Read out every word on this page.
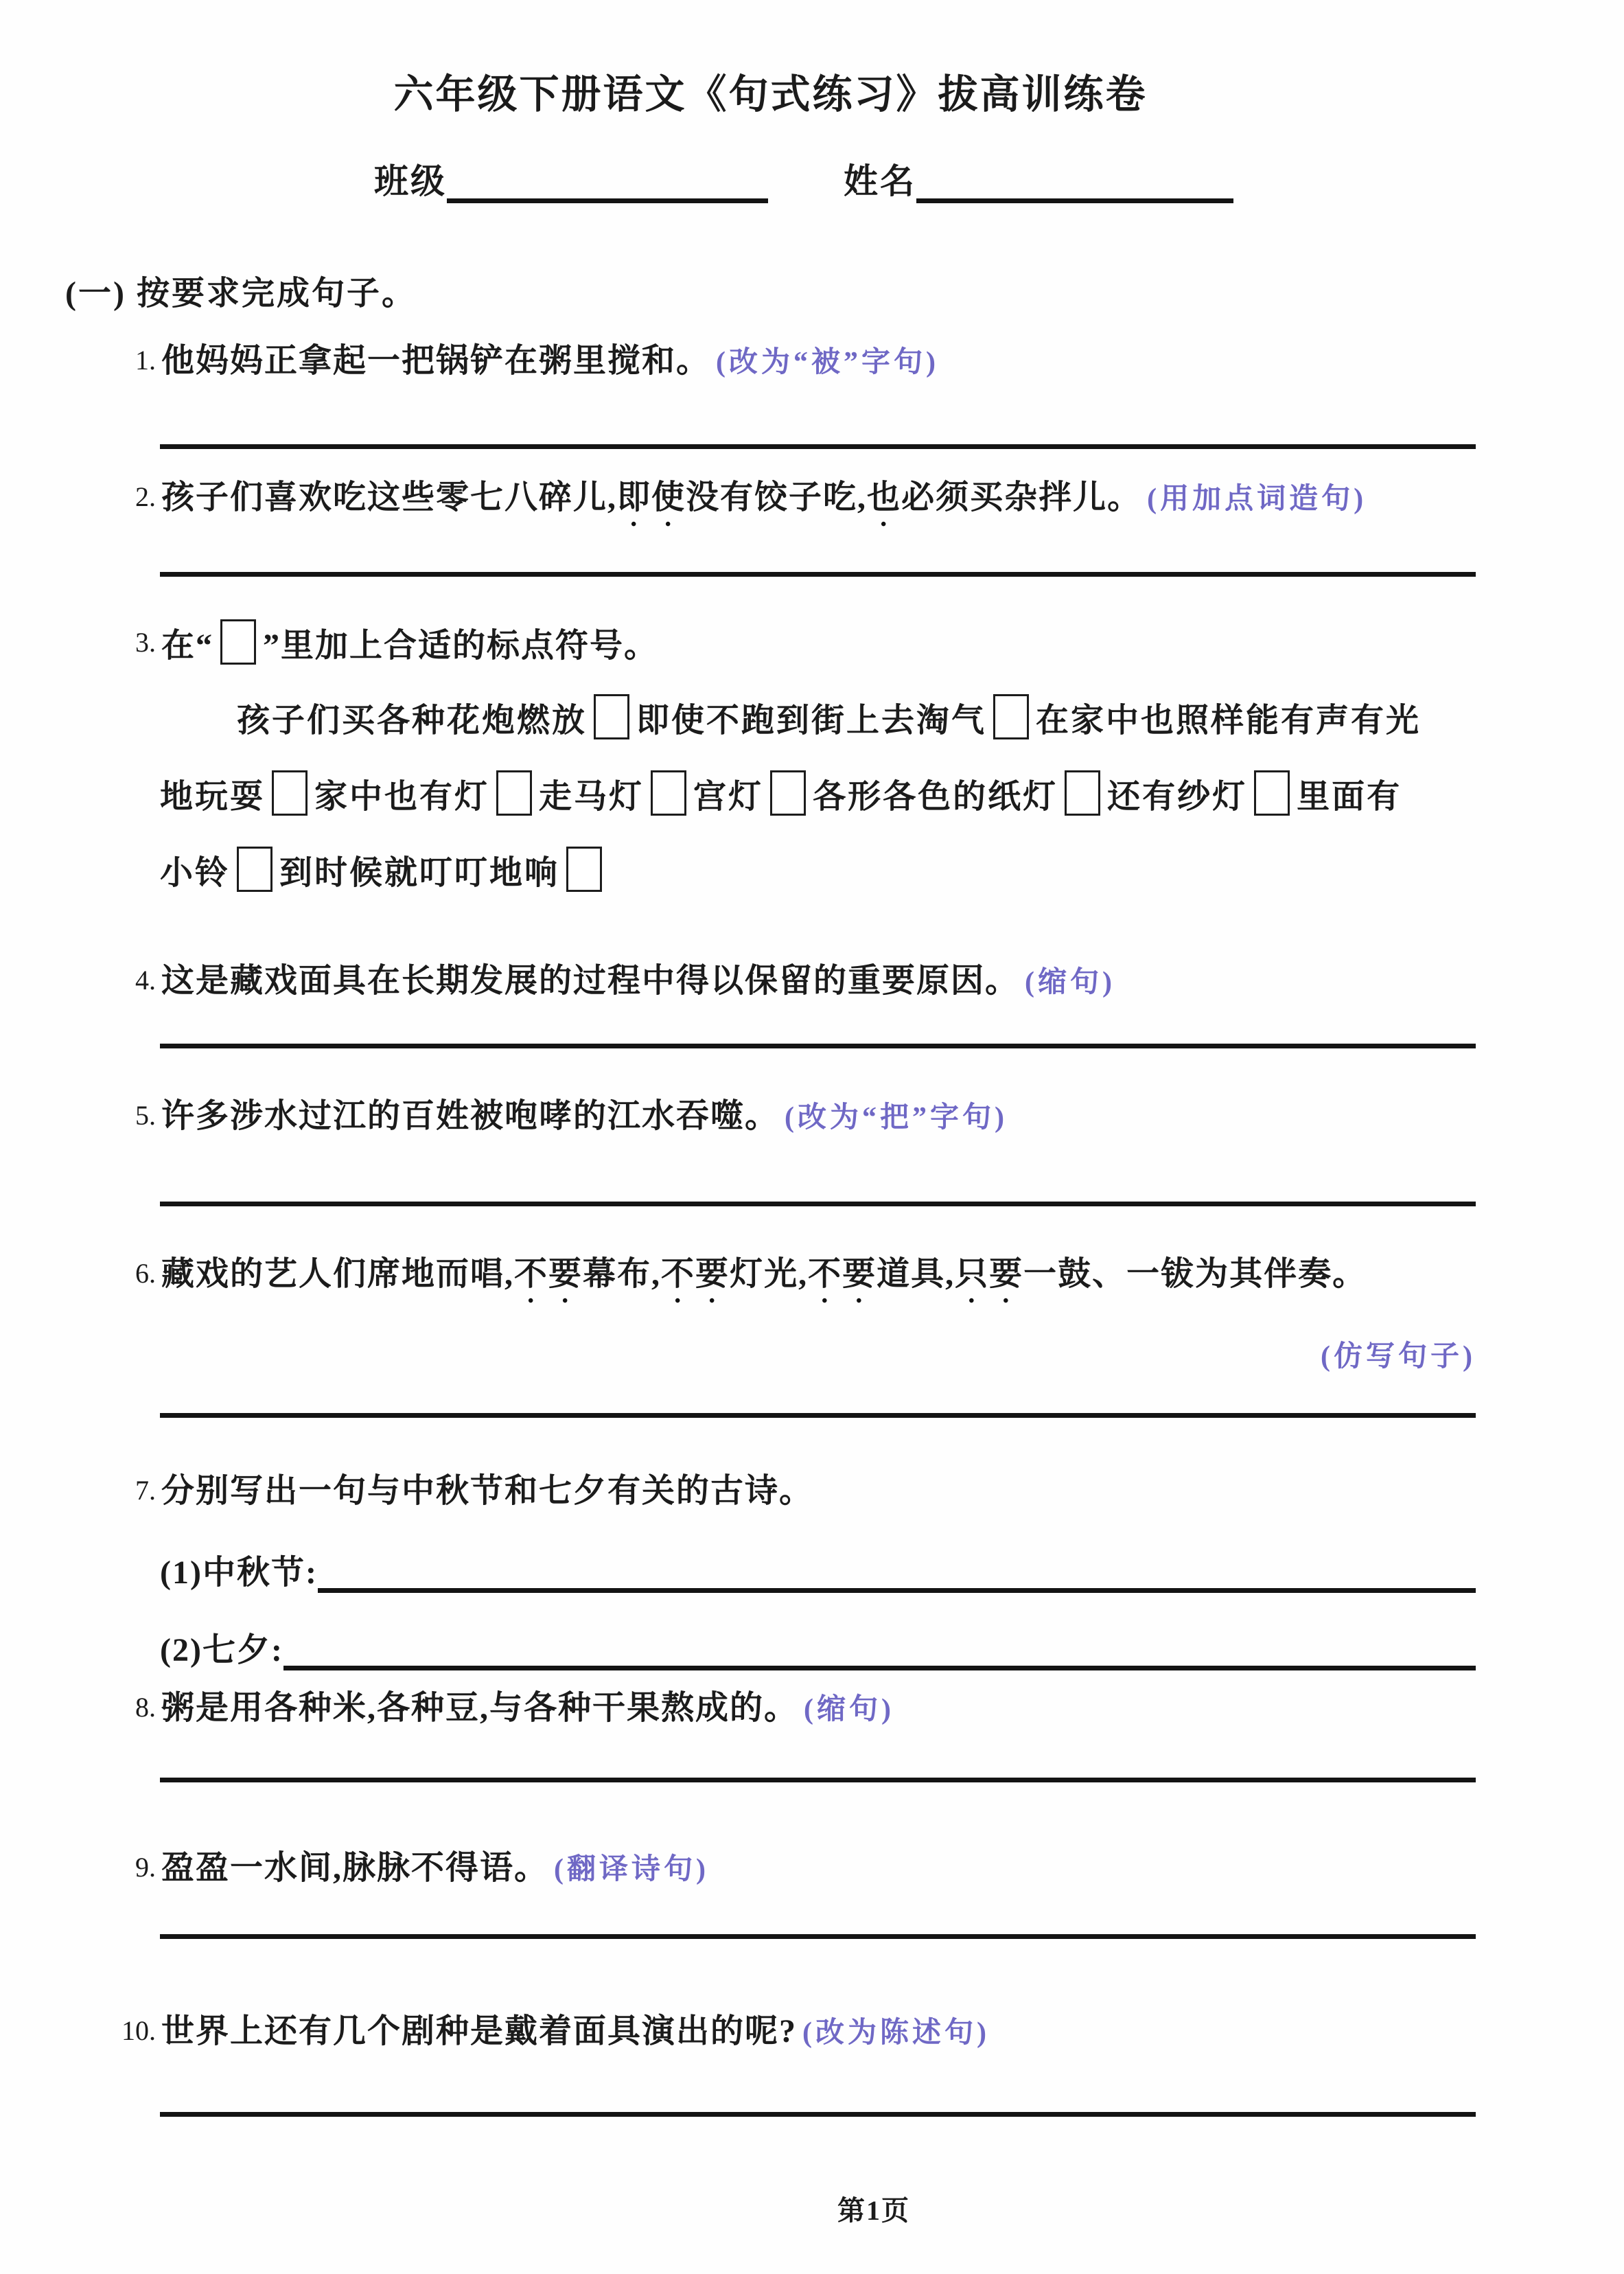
六年级下册语文《句式练习》拔高训练卷
班级	姓名
(一) 按要求完成句子。
1. 他妈妈正拿起一把锅铲在粥里搅和。 (改为“被”字句)
2. 孩子们喜欢吃这些零七八碎儿,即使没有饺子吃,也必须买杂拌儿。 (用加点词造句)
3. 在“ ”里加上合适的标点符号。
孩子们买各种花炮燃放 即使不跑到街上去淘气 在家中也照样能有声有光
地玩耍 家中也有灯 走马灯 宫灯 各形各色的纸灯 还有纱灯 里面有
小铃 到时候就叮叮地响
4. 这是藏戏面具在长期发展的过程中得以保留的重要原因。 (缩句)
5. 许多涉水过江的百姓被咆哮的江水吞噬。 (改为“把”字句)
6. 藏戏的艺人们席地而唱,不要幕布,不要灯光,不要道具,只要一鼓、一钹为其伴奏。
(仿写句子)
7. 分别写出一句与中秋节和七夕有关的古诗。
(1)中秋节:
(2)七夕:
8. 粥是用各种米,各种豆,与各种干果熬成的。 (缩句)
9. 盈盈一水间,脉脉不得语。 (翻译诗句)
10. 世界上还有几个剧种是戴着面具演出的呢? (改为陈述句)
第1页
